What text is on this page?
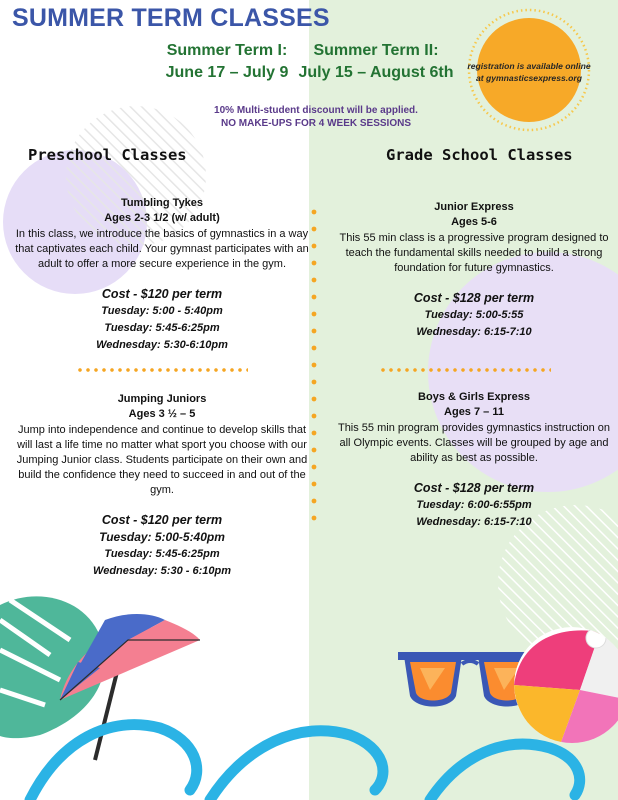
SUMMER TERM CLASSES
Summer Term I:
June 17 – July 9
Summer Term II:
July 15 – August 6th registration is available online at gymnasticsexpress.org
10% Multi-student discount will be applied. NO MAKE-UPS FOR 4 WEEK SESSIONS
Preschool Classes	Grade School Classes
Tumbling Tykes
Ages 2-3 1/2 (w/ adult)
In this class, we introduce the basics of gymnastics in a way that captivates each child. Your gymnast participates with an adult to offer a more secure experience in the gym.
Cost - $120 per term
Tuesday: 5:00 - 5:40pm
Tuesday: 5:45-6:25pm
Wednesday: 5:30-6:10pm
Jumping Juniors
Ages 3 ½ – 5
Jump into independence and continue to develop skills that will last a life time no matter what sport you choose with our Jumping Junior class. Students participate on their own and build the confidence they need to succeed in and out of the gym.
Cost - $120 per term
Tuesday: 5:00-5:40pm
Tuesday: 5:45-6:25pm
Wednesday: 5:30 - 6:10pm
Junior Express
Ages 5-6
This 55 min class is a progressive program designed to teach the fundamental skills needed to build a strong foundation for future gymnastics.
Cost - $128 per term
Tuesday: 5:00-5:55
Wednesday: 6:15-7:10
Boys & Girls Express
Ages 7 – 11
This 55 min program provides gymnastics instruction on all Olympic events. Classes will be grouped by age and ability as best as possible.
Cost - $128 per term
Tuesday: 6:00-6:55pm
Wednesday: 6:15-7:10
